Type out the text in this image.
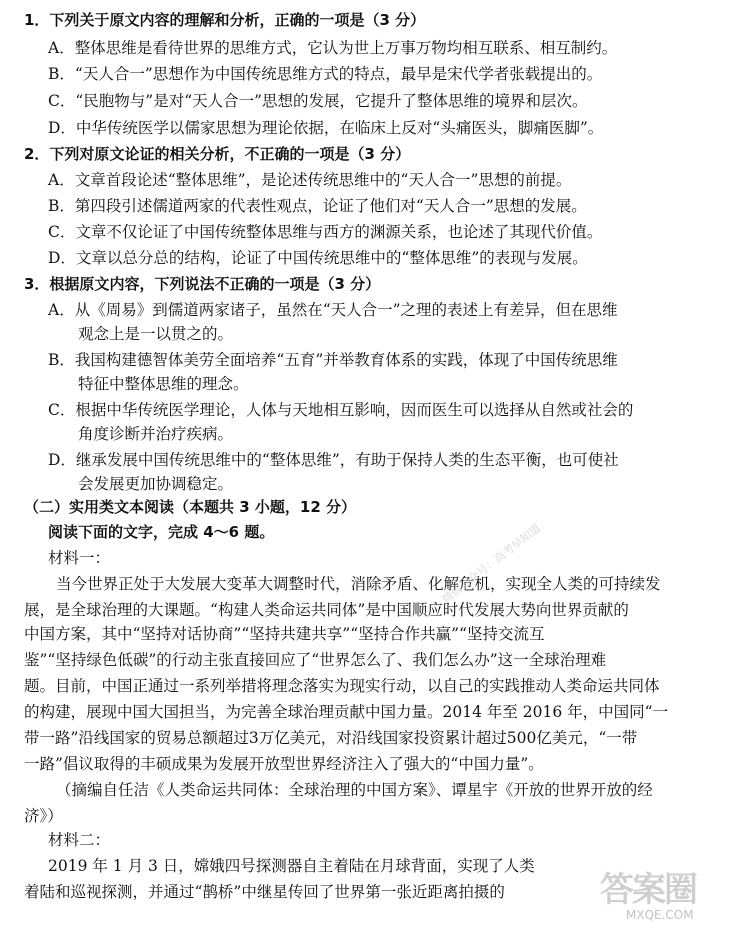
1．下列关于原文内容的理解和分析，正确的一项是（3 分）
A．整体思维是看待世界的思维方式，它认为世上万事万物均相互联系、相互制约。
B．“天人合一”思想作为中国传统思维方式的特点，最早是宋代学者张载提出的。
C．“民胞物与”是对“天人合一”思想的发展，它提升了整体思维的境界和层次。
D．中华传统医学以儒家思想为理论依据，在临床上反对“头痛医头，脚痛医脚”。
2．下列对原文论证的相关分析，不正确的一项是（3 分）
A．文章首段论述“整体思维”，是论述传统思维中的“天人合一”思想的前提。
B．第四段引述儒道两家的代表性观点，论证了他们对“天人合一”思想的发展。
C．文章不仅论证了中国传统整体思维与西方的渊源关系，也论述了其现代价值。
D．文章以总分总的结构，论证了中国传统思维中的“整体思维”的表现与发展。
3．根据原文内容，下列说法不正确的一项是（3 分）
A．从《周易》到儒道两家诸子，虽然在“天人合一”之理的表述上有差异，但在思维
观念上是一以贯之的。
B．我国构建德智体美劳全面培养“五育”并举教育体系的实践，体现了中国传统思维
特征中整体思维的理念。
C．根据中华传统医学理论，人体与天地相互影响，因而医生可以选择从自然或社会的
角度诊断并治疗疾病。
D．继承发展中国传统思维中的“整体思维”，有助于保持人类的生态平衡，也可使社
会发展更加协调稳定。
（二）实用类文本阅读（本题共 3 小题，12 分）
阅读下面的文字，完成 4～6 题。
材料一：
当今世界正处于大发展大变革大调整时代，消除矛盾、化解危机，实现全人类的可持续发
展，是全球治理的大课题。“构建人类命运共同体”是中国顺应时代发展大势向世界贡献的
中国方案，其中“坚持对话协商”“坚持共建共享”“坚持合作共赢”“坚持交流互
鉴”“坚持绿色低碳”的行动主张直接回应了“世界怎么了、我们怎么办”这一全球治理难
题。目前，中国正通过一系列举措将理念落实为现实行动，以自己的实践推动人类命运共同体
的构建，展现中国大国担当，为完善全球治理贡献中国力量。2014 年至 2016 年，中国同“一
带一路”沿线国家的贸易总额超过3万亿美元，对沿线国家投资累计超过500亿美元，“一带
一路”倡议取得的丰硕成果为发展开放型世界经济注入了强大的“中国力量”。
（摘编自任洁《人类命运共同体：全球治理的中国方案》、谭星宇《开放的世界开放的经
济》）
材料二：
2019 年 1 月 3 日，嫦娥四号探测器自主着陆在月球背面，实现了人类
着陆和巡视探测，并通过“鹊桥”中继星传回了世界第一张近距离拍摄的
微信公众号：高考早知道
答案圈
MXQE.COM
